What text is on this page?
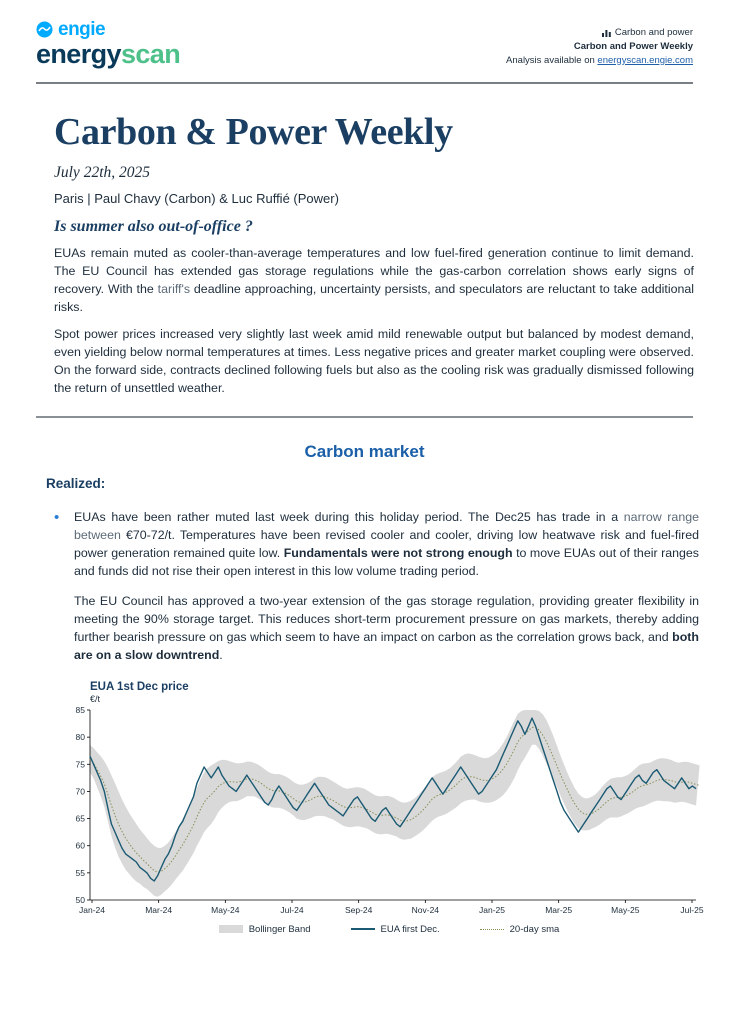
engie
energyscan
Carbon and power
Carbon and Power Weekly
Analysis available on energyscan.engie.com
Carbon & Power Weekly
July 22th, 2025
Paris | Paul Chavy (Carbon) & Luc Ruffié (Power)
Is summer also out-of-office ?

EUAs remain muted as cooler-than-average temperatures and low fuel-fired generation continue to limit demand. The EU Council has extended gas storage regulations while the gas-carbon correlation shows early signs of recovery. With the tariff's deadline approaching, uncertainty persists, and speculators are reluctant to take additional risks.

Spot power prices increased very slightly last week amid mild renewable output but balanced by modest demand, even yielding below normal temperatures at times. Less negative prices and greater market coupling were observed. On the forward side, contracts declined following fuels but also as the cooling risk was gradually dismissed following the return of unsettled weather.

Carbon market
Realized:
•	EUAs have been rather muted last week during this holiday period. The Dec25 has trade in a narrow range between €70-72/t. Temperatures have been revised cooler and cooler, driving low heatwave risk and fuel-fired power generation remained quite low. Fundamentals were not strong enough to move EUAs out of their ranges and funds did not rise their open interest in this low volume trading period.

The EU Council has approved a two-year extension of the gas storage regulation, providing greater flexibility in meeting the 90% storage target. This reduces short-term procurement pressure on gas markets, thereby adding further bearish pressure on gas which seem to have an impact on carbon as the correlation grows back, and both are on a slow downtrend.

EUA 1st Dec price
€/t
50
55
60
65
70
75
80
85
Jan-24	Mar-24	May-24	Jul-24	Sep-24	Nov-24	Jan-25	Mar-25	May-25	Jul-25
Bollinger Band	EUA first Dec.	20-day sma
